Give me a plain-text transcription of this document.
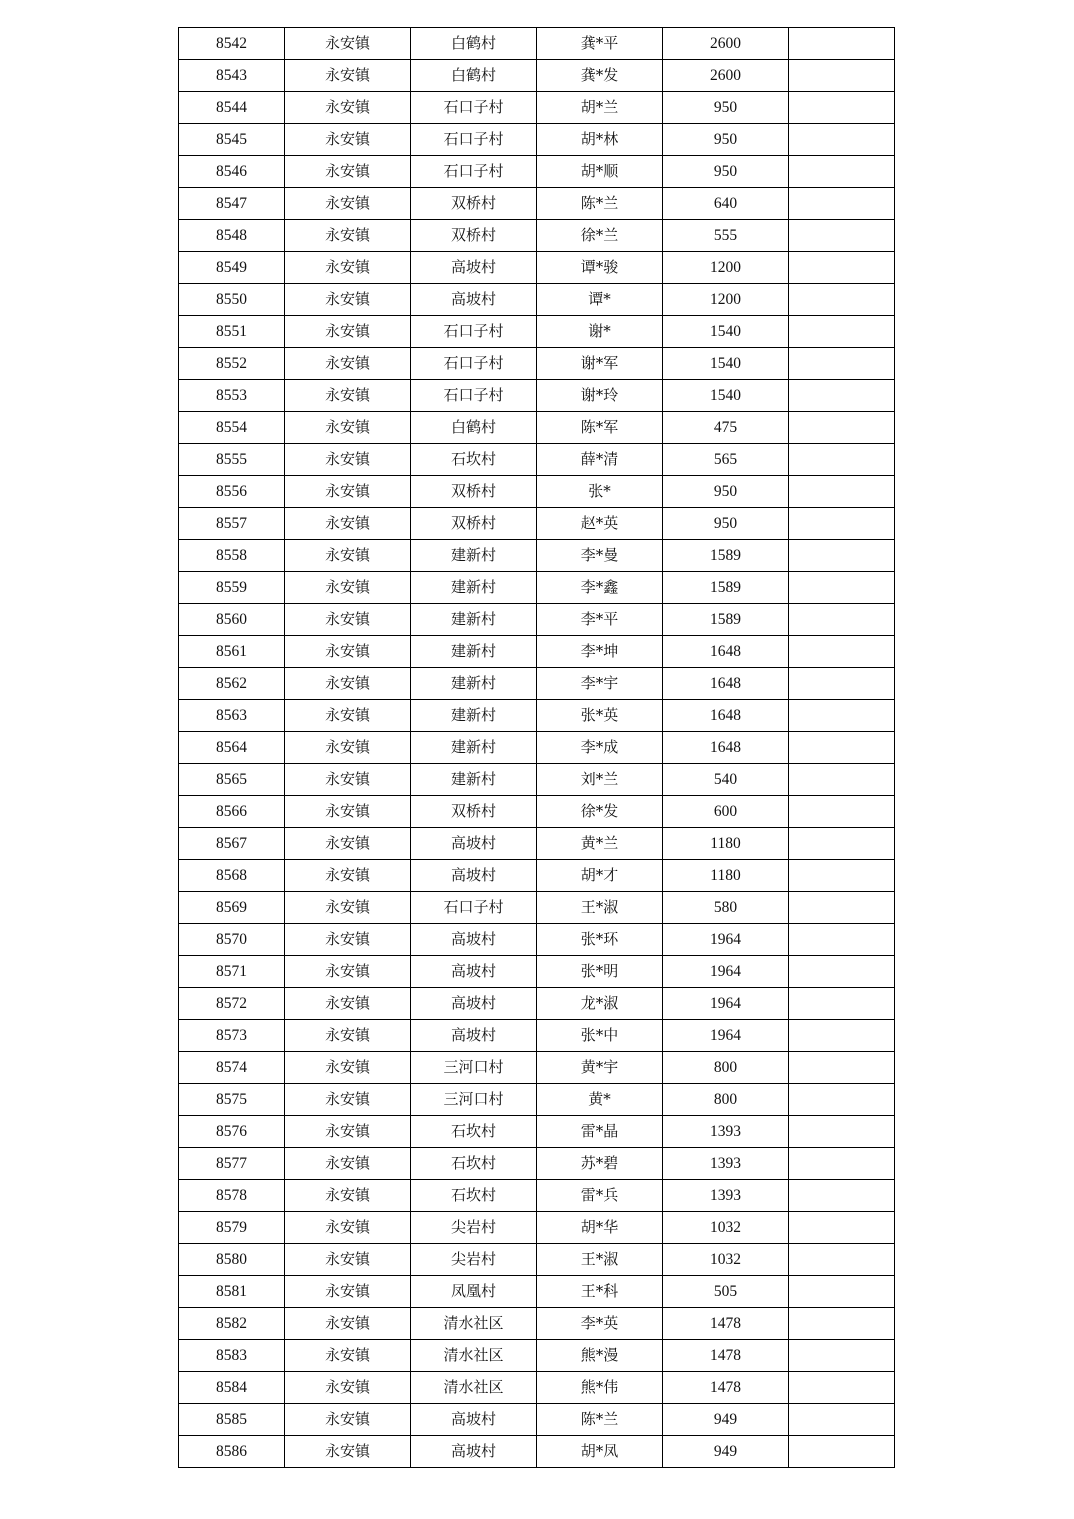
8542	永安镇	白鹤村	龚*平	2600	
8543	永安镇	白鹤村	龚*发	2600	
8544	永安镇	石口子村	胡*兰	950	
8545	永安镇	石口子村	胡*林	950	
8546	永安镇	石口子村	胡*顺	950	
8547	永安镇	双桥村	陈*兰	640	
8548	永安镇	双桥村	徐*兰	555	
8549	永安镇	高坡村	谭*骏	1200	
8550	永安镇	高坡村	谭*	1200	
8551	永安镇	石口子村	谢*	1540	
8552	永安镇	石口子村	谢*军	1540	
8553	永安镇	石口子村	谢*玲	1540	
8554	永安镇	白鹤村	陈*军	475	
8555	永安镇	石坎村	薛*清	565	
8556	永安镇	双桥村	张*	950	
8557	永安镇	双桥村	赵*英	950	
8558	永安镇	建新村	李*曼	1589	
8559	永安镇	建新村	李*鑫	1589	
8560	永安镇	建新村	李*平	1589	
8561	永安镇	建新村	李*坤	1648	
8562	永安镇	建新村	李*宇	1648	
8563	永安镇	建新村	张*英	1648	
8564	永安镇	建新村	李*成	1648	
8565	永安镇	建新村	刘*兰	540	
8566	永安镇	双桥村	徐*发	600	
8567	永安镇	高坡村	黄*兰	1180	
8568	永安镇	高坡村	胡*才	1180	
8569	永安镇	石口子村	王*淑	580	
8570	永安镇	高坡村	张*环	1964	
8571	永安镇	高坡村	张*明	1964	
8572	永安镇	高坡村	龙*淑	1964	
8573	永安镇	高坡村	张*中	1964	
8574	永安镇	三河口村	黄*宇	800	
8575	永安镇	三河口村	黄*	800	
8576	永安镇	石坎村	雷*晶	1393	
8577	永安镇	石坎村	苏*碧	1393	
8578	永安镇	石坎村	雷*兵	1393	
8579	永安镇	尖岩村	胡*华	1032	
8580	永安镇	尖岩村	王*淑	1032	
8581	永安镇	凤凰村	王*科	505	
8582	永安镇	清水社区	李*英	1478	
8583	永安镇	清水社区	熊*漫	1478	
8584	永安镇	清水社区	熊*伟	1478	
8585	永安镇	高坡村	陈*兰	949	
8586	永安镇	高坡村	胡*凤	949	
